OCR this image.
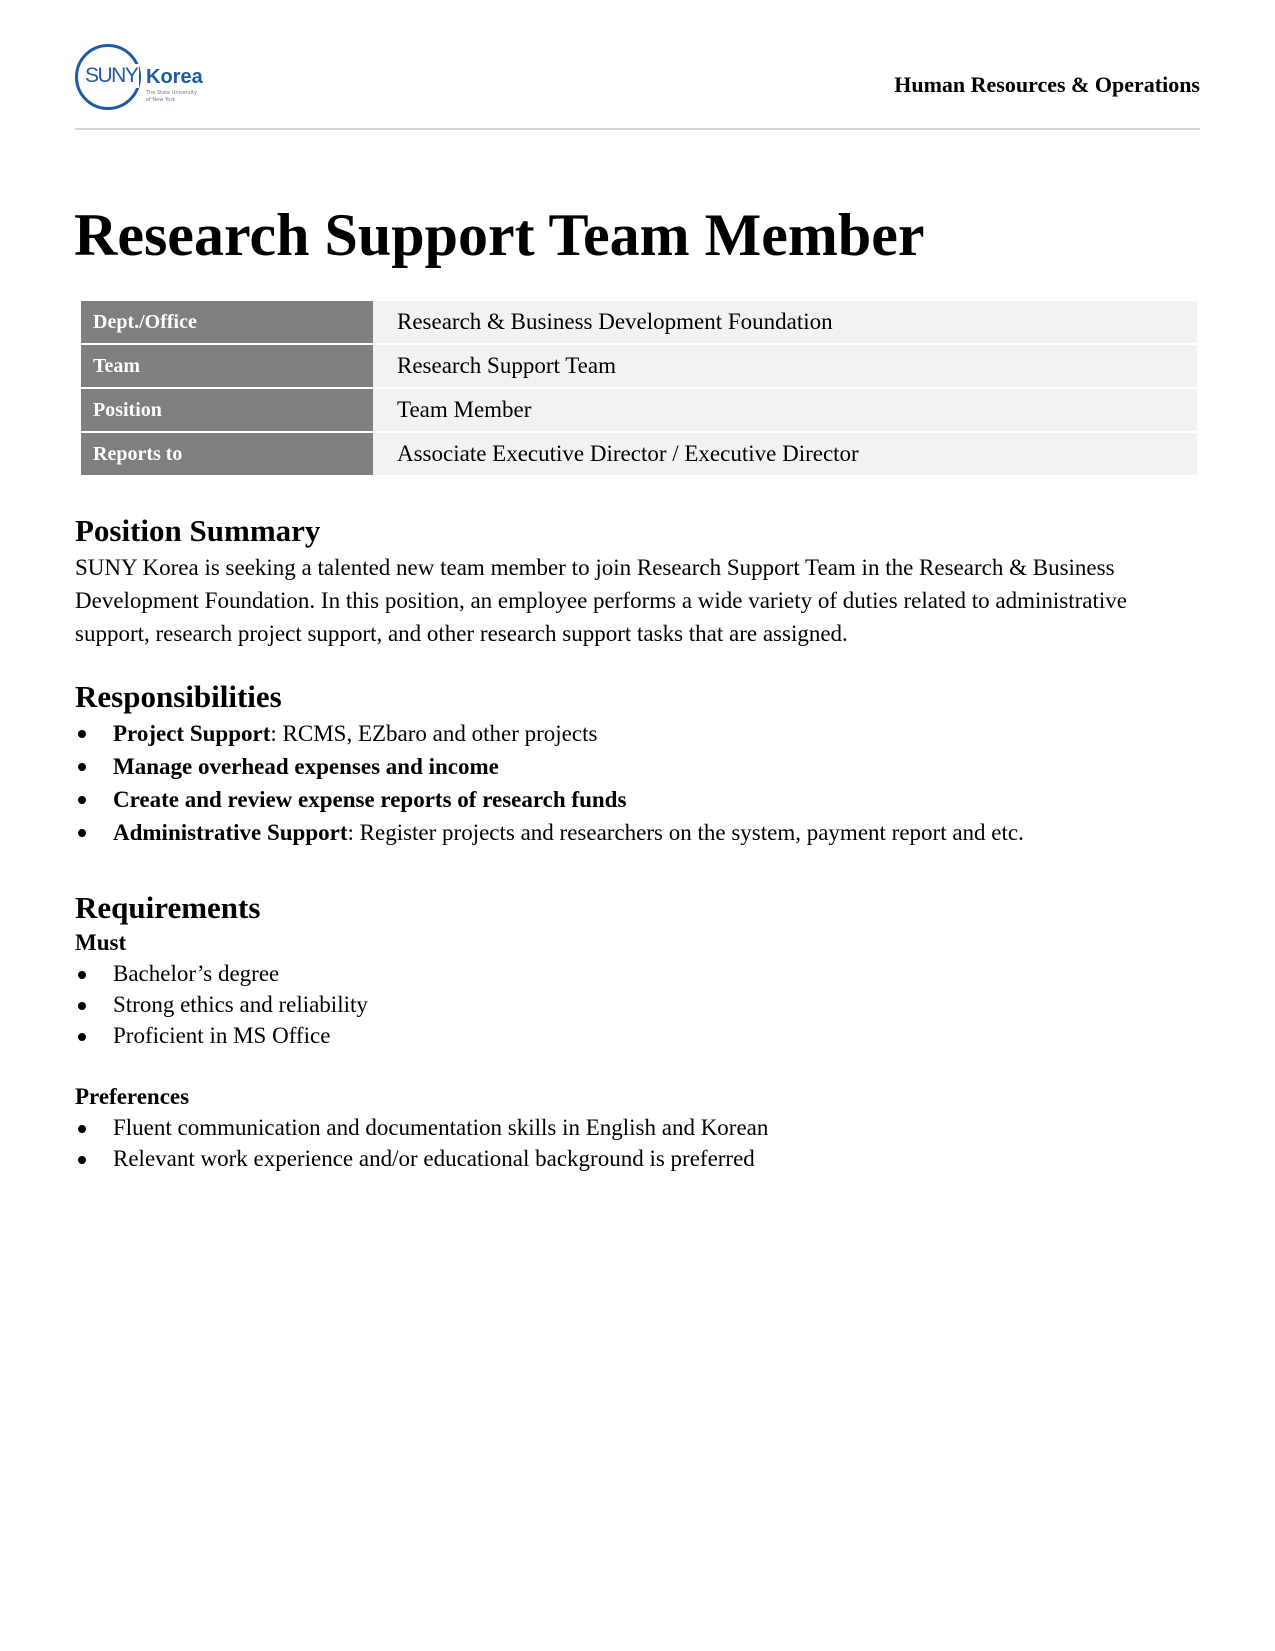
SUNY Korea
The State University
of New York
Human Resources & Operations
Research Support Team Member
Dept./Office	Research & Business Development Foundation
Team	Research Support Team
Position	Team Member
Reports to	Associate Executive Director / Executive Director
Position Summary

SUNY Korea is seeking a talented new team member to join Research Support Team in the Research & Business Development Foundation. In this position, an employee performs a wide variety of duties related to administrative support, research project support, and other research support tasks that are assigned.

Responsibilities
Project Support: RCMS, EZbaro and other projects
Manage overhead expenses and income
Create and review expense reports of research funds
Administrative Support: Register projects and researchers on the system, payment report and etc.
Requirements
Must
Bachelor’s degree
Strong ethics and reliability
Proficient in MS Office
Preferences
Fluent communication and documentation skills in English and Korean
Relevant work experience and/or educational background is preferred
